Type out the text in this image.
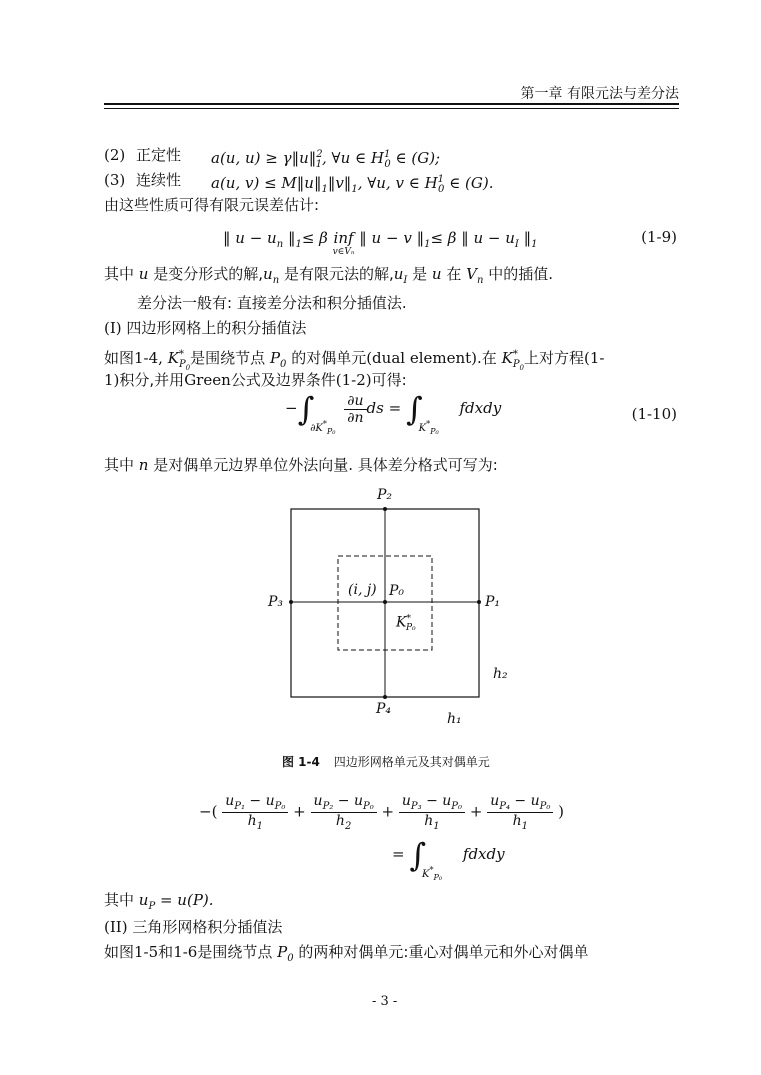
第一章 有限元法与差分法
(2) 正定性 a(u, u) ≥ γ‖u‖$^2_1$, ∀u ∈ $H^1_0$ ∈ (G);
(3) 连续性 a(u, $v) \le M‖u‖_1‖v‖_1$, ∀u, v ∈ $H^1_0$ ∈ (G).
由这些性质可得有限元误差估计:
‖ $u - u_n$ $‖_1\le \beta$ inf

v∈Vₙ
‖ u − v $‖_1\le \beta$ ‖ $u - u_I$ $‖_1$	(1-9)
其中 u 是变分形式的解$,u_n$ 是有限元法的解$,u_I$ 是 u 在 $V_n$ 中的插值.
差分法一般有: 直接差分法和积分插值法.
(I) 四边形网格上的积分插值法
如图1-4, $K^*_{P_0}$是围绕节点 $P_0$ 的对偶单元(dual element).在 $K^*_{P_0}$上对方程(1-
1)积分,并用Green公式及边界条件(1-2)可得:
$-\int_{\partial K^*_{P_0}}$
$\frac{\partial u}{\partial n}$ ds = $\int_{K^*_{P_0}}$ fdxdy	(1-10)
其中 n 是对偶单元边界单位外法向量. 具体差分格式可写为:
P₂
P₃	P₁
(i, j) P₀
$K^*_{P_0}$
h₂
P₄
h₁
图 1-4 四边形网格单元及其对偶单元
−( $\frac{u_{P_1} - u_{P_0}}{h_1} + \frac{u_{P_2} - u_{P_0}}{h_2} + \frac{u_{P_3} - u_{P_0}}{h_1} + \frac{u_{P_4} - u_{P_0}}{h_1}$ )
= $\int_{K^*_{P_0}}$ fdxdy
其中 $u_P = u(P)$.
(II) 三角形网格积分插值法
如图1-5和1-6是围绕节点 $P_0$ 的两种对偶单元:重心对偶单元和外心对偶单
- 3 -
